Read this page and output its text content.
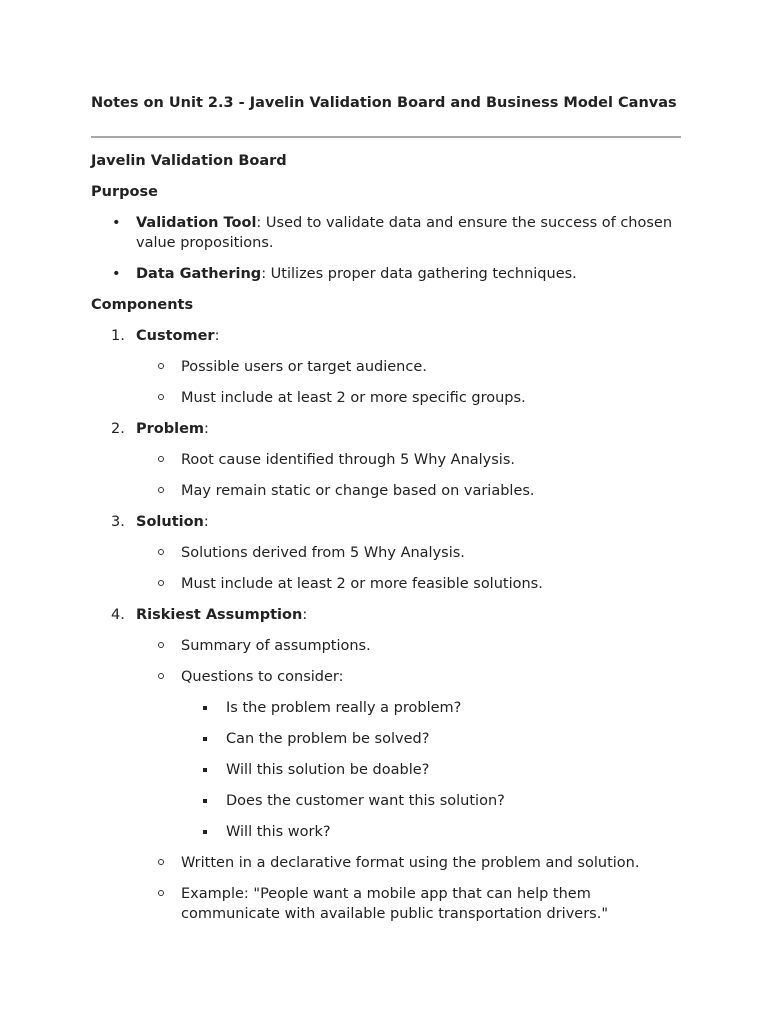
Notes on Unit 2.3 - Javelin Validation Board and Business Model Canvas

Javelin Validation Board

Purpose

• Validation Tool: Used to validate data and ensure the success of chosen value propositions.
• Data Gathering: Utilizes proper data gathering techniques.

Components

1. Customer:
Possible users or target audience.
Must include at least 2 or more specific groups.
2. Problem:
Root cause identified through 5 Why Analysis.
May remain static or change based on variables.
3. Solution:
Solutions derived from 5 Why Analysis.
Must include at least 2 or more feasible solutions.
4. Riskiest Assumption:
Summary of assumptions.
Questions to consider:
Is the problem really a problem?
Can the problem be solved?
Will this solution be doable?
Does the customer want this solution?
Will this work?
Written in a declarative format using the problem and solution.
Example: "People want a mobile app that can help them communicate with available public transportation drivers."
